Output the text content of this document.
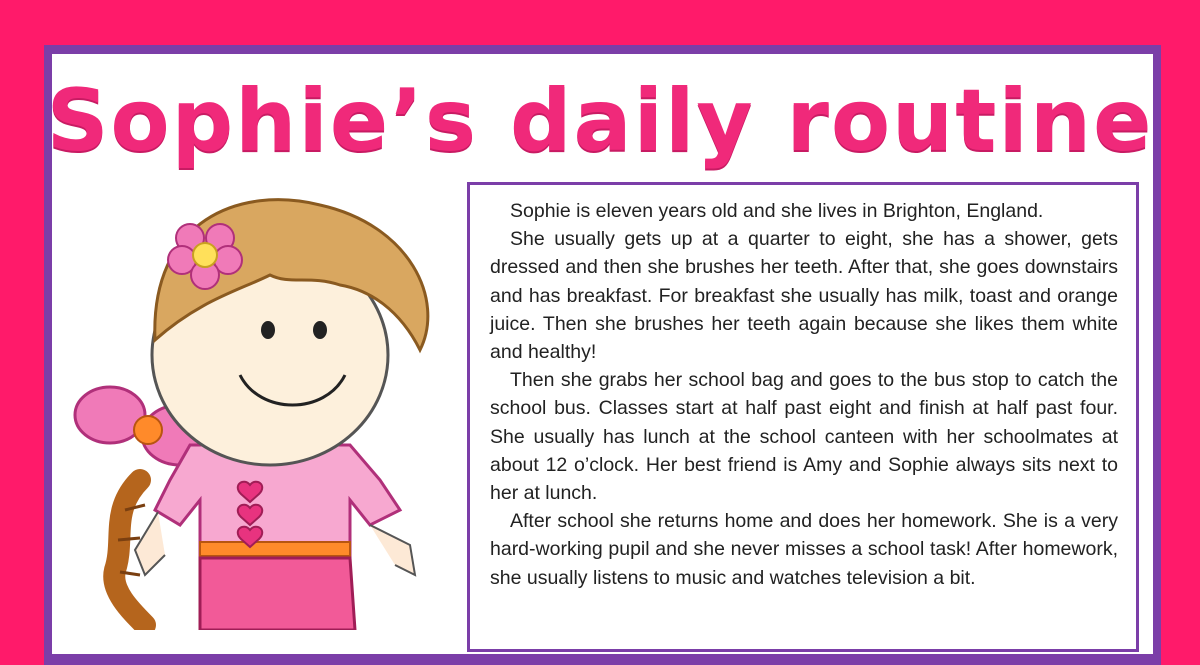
Sophie’s daily routine

Sophie is eleven years old and she lives in Brighton, England.

She usually gets up at a quarter to eight, she has a shower, gets dressed and then she brushes her teeth. After that, she goes downstairs and has breakfast. For breakfast she usually has milk, toast and orange juice. Then she brushes her teeth again because she likes them white and healthy!

Then she grabs her school bag and goes to the bus stop to catch the school bus. Classes start at half past eight and finish at half past four. She usually has lunch at the school canteen with her schoolmates at about 12 o’clock. Her best friend is Amy and Sophie always sits next to her at lunch.

After school she returns home and does her homework. She is a very hard-working pupil and she never misses a school task! After homework, she usually listens to music and watches television a bit.
